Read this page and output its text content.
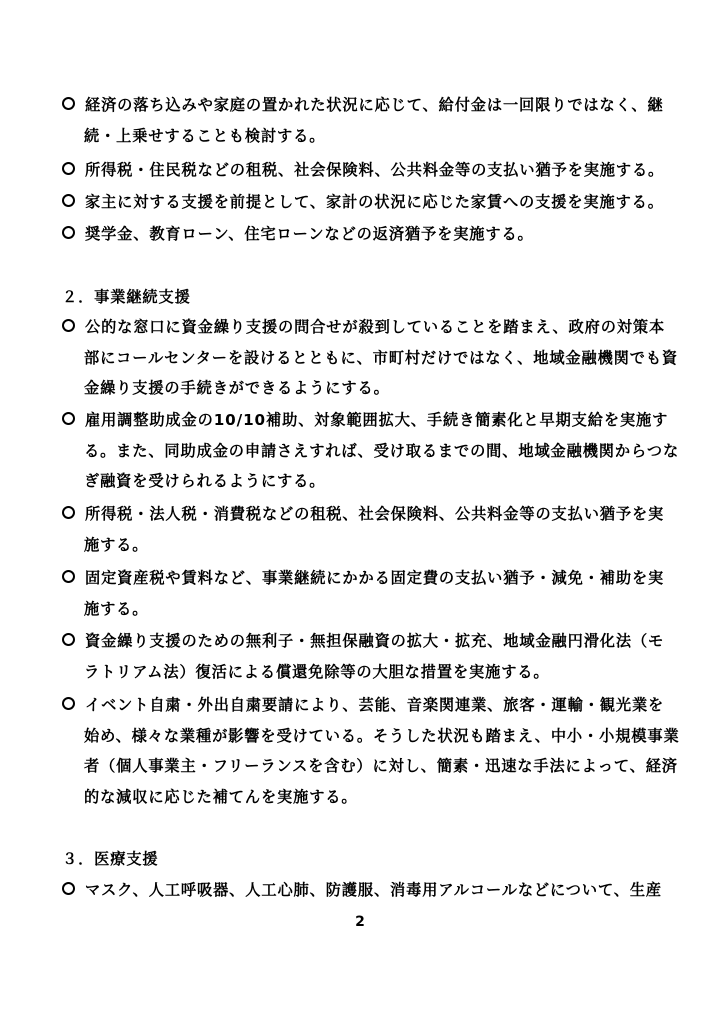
経済の落ち込みや家庭の置かれた状況に応じて、給付金は一回限りではなく、継
続・上乗せすることも検討する。
所得税・住民税などの租税、社会保険料、公共料金等の支払い猶予を実施する。
家主に対する支援を前提として、家計の状況に応じた家賃への支援を実施する。
奨学金、教育ローン、住宅ローンなどの返済猶予を実施する。
２．事業継続支援
公的な窓口に資金繰り支援の問合せが殺到していることを踏まえ、政府の対策本
部にコールセンターを設けるとともに、市町村だけではなく、地域金融機関でも資
金繰り支援の手続きができるようにする。
雇用調整助成金の10/10補助、対象範囲拡大、手続き簡素化と早期支給を実施す
る。また、同助成金の申請さえすれば、受け取るまでの間、地域金融機関からつな
ぎ融資を受けられるようにする。
所得税・法人税・消費税などの租税、社会保険料、公共料金等の支払い猶予を実
施する。
固定資産税や賃料など、事業継続にかかる固定費の支払い猶予・減免・補助を実
施する。
資金繰り支援のための無利子・無担保融資の拡大・拡充、地域金融円滑化法（モ
ラトリアム法）復活による償還免除等の大胆な措置を実施する。
イベント自粛・外出自粛要請により、芸能、音楽関連業、旅客・運輸・観光業を
始め、様々な業種が影響を受けている。そうした状況も踏まえ、中小・小規模事業
者（個人事業主・フリーランスを含む）に対し、簡素・迅速な手法によって、経済
的な減収に応じた補てんを実施する。
３．医療支援
マスク、人工呼吸器、人工心肺、防護服、消毒用アルコールなどについて、生産
2
